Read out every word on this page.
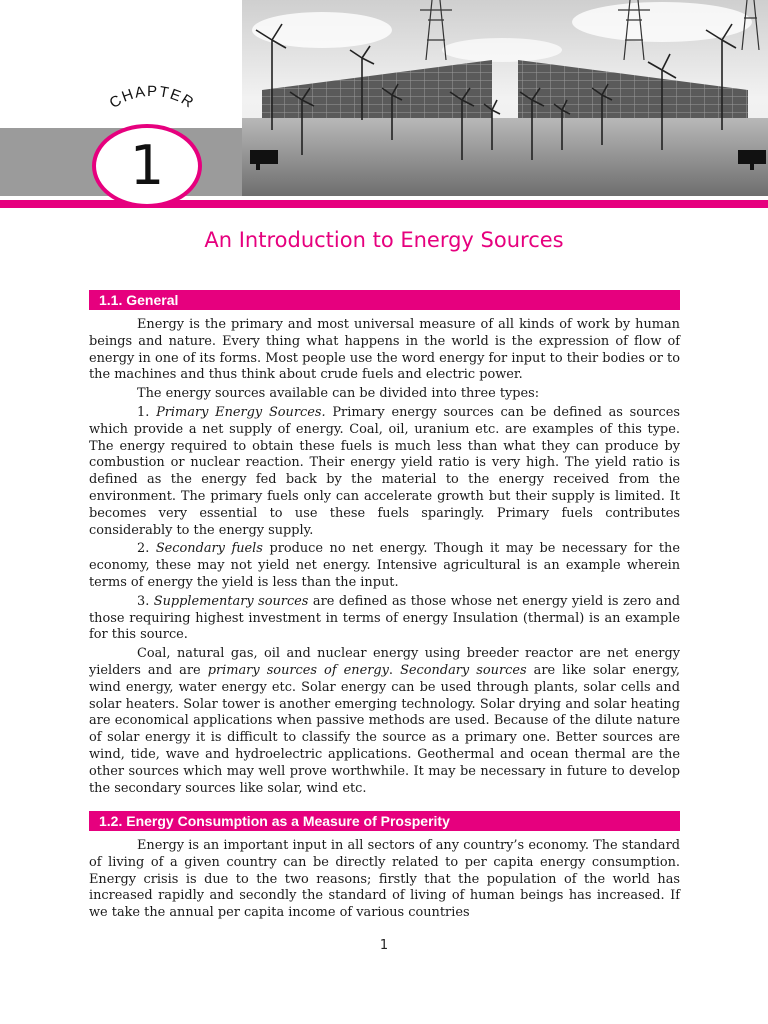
CHAPTER
1
An Introduction to Energy Sources
1.1. General

Energy is the primary and most universal measure of all kinds of work by human beings and nature. Every thing what happens in the world is the expression of flow of energy in one of its forms. Most people use the word energy for input to their bodies or to the machines and thus think about crude fuels and electric power.

The energy sources available can be divided into three types:

1. Primary Energy Sources. Primary energy sources can be defined as sources which provide a net supply of energy. Coal, oil, uranium etc. are examples of this type. The energy required to obtain these fuels is much less than what they can produce by combustion or nuclear reaction. Their energy yield ratio is very high. The yield ratio is defined as the energy fed back by the material to the energy received from the environment. The primary fuels only can accelerate growth but their supply is limited. It becomes very essential to use these fuels sparingly. Primary fuels contributes considerably to the energy supply.

2. Secondary fuels produce no net energy. Though it may be necessary for the economy, these may not yield net energy. Intensive agricultural is an example wherein terms of energy the yield is less than the input.

3. Supplementary sources are defined as those whose net energy yield is zero and those requiring highest investment in terms of energy Insulation (thermal) is an example for this source.

Coal, natural gas, oil and nuclear energy using breeder reactor are net energy yielders and are primary sources of energy. Secondary sources are like solar energy, wind energy, water energy etc. Solar energy can be used through plants, solar cells and solar heaters. Solar tower is another emerging technology. Solar drying and solar heating are economical applications when passive methods are used. Because of the dilute nature of solar energy it is difficult to classify the source as a primary one. Better sources are wind, tide, wave and hydroelectric applications. Geothermal and ocean thermal are the other sources which may well prove worthwhile. It may be necessary in future to develop the secondary sources like solar, wind etc.

1.2. Energy Consumption as a Measure of Prosperity

Energy is an important input in all sectors of any country’s economy. The standard of living of a given country can be directly related to per capita energy consumption. Energy crisis is due to the two reasons; firstly that the population of the world has increased rapidly and secondly the standard of living of human beings has increased. If we take the annual per capita income of various countries

1
